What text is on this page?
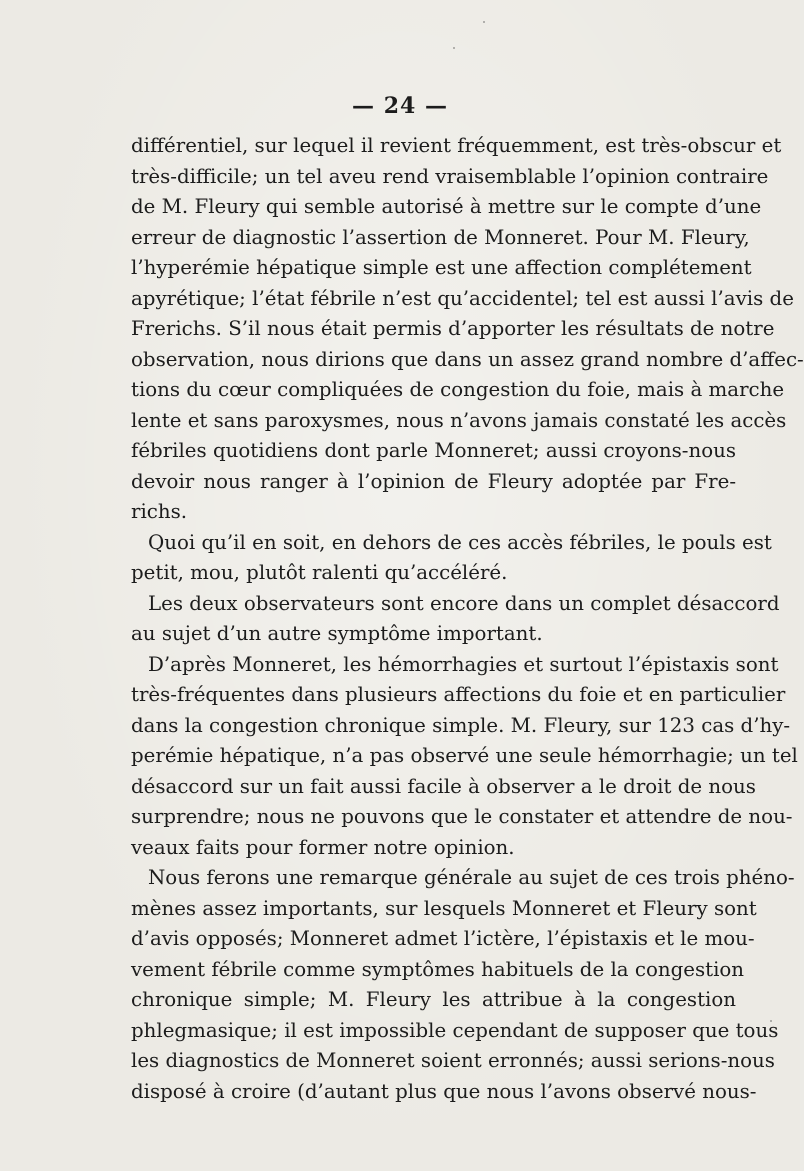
— 24 —
différentiel, sur lequel il revient fréquemment, est très-obscur et
très-difficile; un tel aveu rend vraisemblable l’opinion contraire
de M. Fleury qui semble autorisé à mettre sur le compte d’une
erreur de diagnostic l’assertion de Monneret. Pour M. Fleury,
l’hyperémie hépatique simple est une affection complétement
apyrétique; l’état fébrile n’est qu’accidentel; tel est aussi l’avis de
Frerichs. S’il nous était permis d’apporter les résultats de notre
observation, nous dirions que dans un assez grand nombre d’affec-
tions du cœur compliquées de congestion du foie, mais à marche
lente et sans paroxysmes, nous n’avons jamais constaté les accès
fébriles quotidiens dont parle Monneret; aussi croyons-nous
devoir nous ranger à l’opinion de Fleury adoptée par Fre-
richs.
Quoi qu’il en soit, en dehors de ces accès fébriles, le pouls est
petit, mou, plutôt ralenti qu’accéléré.
Les deux observateurs sont encore dans un complet désaccord
au sujet d’un autre symptôme important.
D’après Monneret, les hémorrhagies et surtout l’épistaxis sont
très-fréquentes dans plusieurs affections du foie et en particulier
dans la congestion chronique simple. M. Fleury, sur 123 cas d’hy-
perémie hépatique, n’a pas observé une seule hémorrhagie; un tel
désaccord sur un fait aussi facile à observer a le droit de nous
surprendre; nous ne pouvons que le constater et attendre de nou-
veaux faits pour former notre opinion.
Nous ferons une remarque générale au sujet de ces trois phéno-
mènes assez importants, sur lesquels Monneret et Fleury sont
d’avis opposés; Monneret admet l’ictère, l’épistaxis et le mou-
vement fébrile comme symptômes habituels de la congestion
chronique simple; M. Fleury les attribue à la congestion
phlegmasique; il est impossible cependant de supposer que tous
les diagnostics de Monneret soient erronnés; aussi serions-nous
disposé à croire (d’autant plus que nous l’avons observé nous-
